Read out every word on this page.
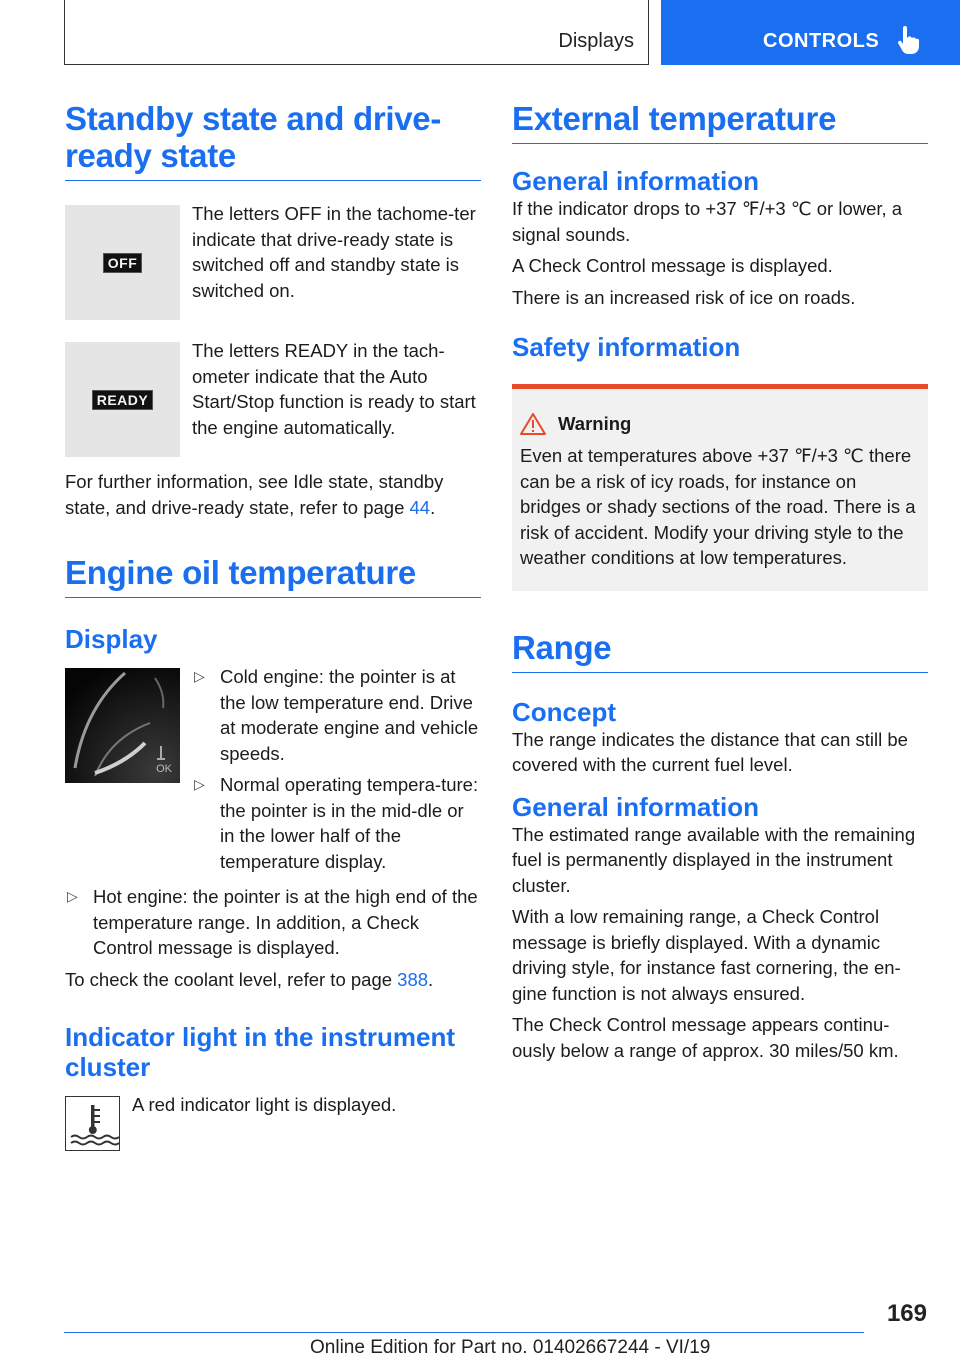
Displays	CONTROLS
Standby state and drive-ready state
OFF

The letters OFF in the tachome-ter indicate that drive-ready state is switched off and standby state is switched on.

READY

The letters READY in the tach-ometer indicate that the Auto Start/Stop function is ready to start the engine automatically.

For further information, see Idle state, standby state, and drive-ready state, refer to page 44.

Engine oil temperature
Display
OK
▷ Cold engine: the pointer is at the low temperature end. Drive at moderate engine and vehicle speeds.
▷ Normal operating tempera-ture: the pointer is in the mid-dle or in the lower half of the temperature display.
▷ Hot engine: the pointer is at the high end of the temperature range. In addition, a Check Control message is displayed.

To check the coolant level, refer to page 388.

Indicator light in the instrument cluster

A red indicator light is displayed.

External temperature
General information

If the indicator drops to +37 ℉/+3 ℃ or lower, a signal sounds.

A Check Control message is displayed.

There is an increased risk of ice on roads.

Safety information
Warning

Even at temperatures above +37 ℉/+3 ℃ there can be a risk of icy roads, for instance on bridges or shady sections of the road. There is a risk of accident. Modify your driving style to the weather conditions at low temperatures.

Range
Concept

The range indicates the distance that can still be covered with the current fuel level.

General information

The estimated range available with the remaining fuel is permanently displayed in the instrument cluster.

With a low remaining range, a Check Control message is briefly displayed. With a dynamic driving style, for instance fast cornering, the en-gine function is not always ensured.

The Check Control message appears continu-ously below a range of approx. 30 miles/50 km.

169
Online Edition for Part no. 01402667244 - VI/19
